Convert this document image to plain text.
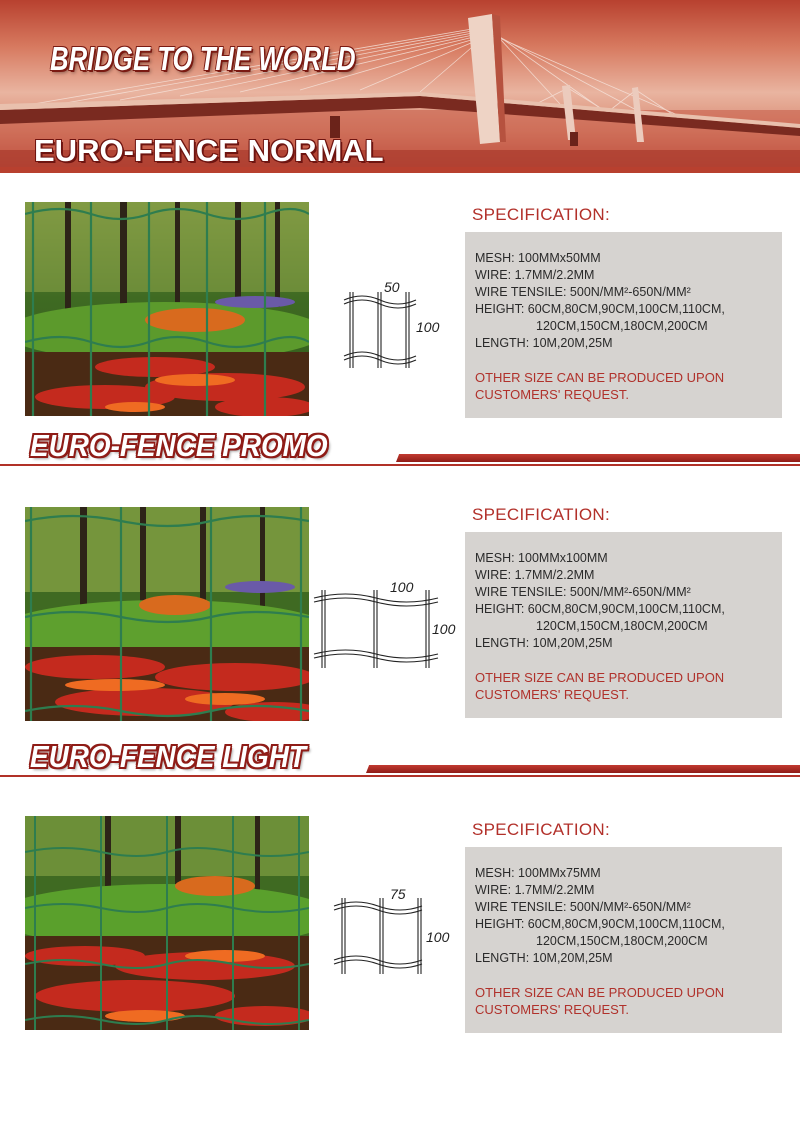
BRIDGE TO THE WORLD
EURO-FENCE NORMAL
50
100
SPECIFICATION:
MESH: 100MMx50MM
WIRE: 1.7MM/2.2MM
WIRE TENSILE: 500N/MM²-650N/MM²
HEIGHT: 60CM,80CM,90CM,100CM,110CM,
120CM,150CM,180CM,200CM
LENGTH: 10M,20M,25M
OTHER SIZE CAN BE PRODUCED UPON
CUSTOMERS' REQUEST.
EURO-FENCE PROMO
100
100
SPECIFICATION:
MESH: 100MMx100MM
WIRE: 1.7MM/2.2MM
WIRE TENSILE: 500N/MM²-650N/MM²
HEIGHT: 60CM,80CM,90CM,100CM,110CM,
120CM,150CM,180CM,200CM
LENGTH: 10M,20M,25M
OTHER SIZE CAN BE PRODUCED UPON
CUSTOMERS' REQUEST.
EURO-FENCE LIGHT
75
100
SPECIFICATION:
MESH: 100MMx75MM
WIRE: 1.7MM/2.2MM
WIRE TENSILE: 500N/MM²-650N/MM²
HEIGHT: 60CM,80CM,90CM,100CM,110CM,
120CM,150CM,180CM,200CM
LENGTH: 10M,20M,25M
OTHER SIZE CAN BE PRODUCED UPON
CUSTOMERS' REQUEST.
